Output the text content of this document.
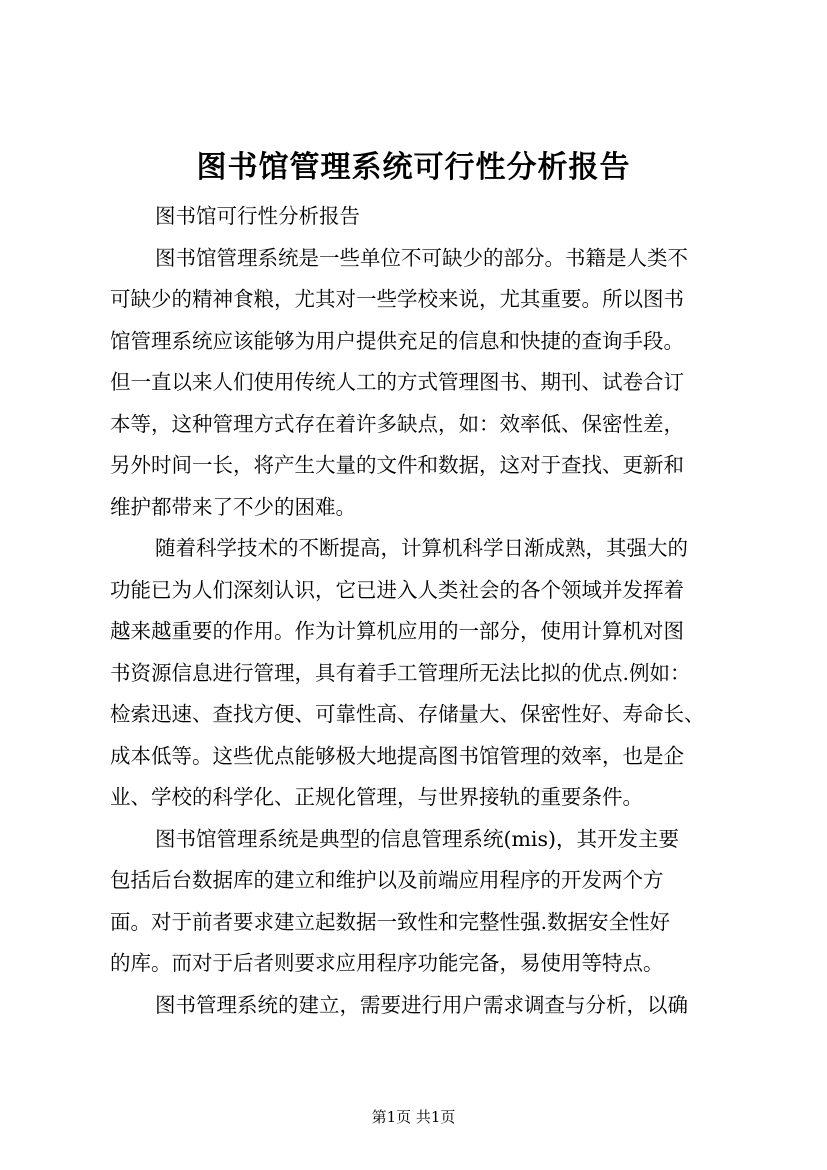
图书馆管理系统可行性分析报告
图书馆可行性分析报告
图书馆管理系统是一些单位不可缺少的部分。书籍是人类不
可缺少的精神食粮，尤其对一些学校来说，尤其重要。所以图书
馆管理系统应该能够为用户提供充足的信息和快捷的查询手段。
但一直以来人们使用传统人工的方式管理图书、期刊、试卷合订
本等，这种管理方式存在着许多缺点，如：效率低、保密性差，
另外时间一长，将产生大量的文件和数据，这对于查找、更新和
维护都带来了不少的困难。
随着科学技术的不断提高，计算机科学日渐成熟，其强大的
功能已为人们深刻认识，它已进入人类社会的各个领域并发挥着
越来越重要的作用。作为计算机应用的一部分，使用计算机对图
书资源信息进行管理，具有着手工管理所无法比拟的优点.例如：
检索迅速、查找方便、可靠性高、存储量大、保密性好、寿命长、
成本低等。这些优点能够极大地提高图书馆管理的效率，也是企
业、学校的科学化、正规化管理，与世界接轨的重要条件。
图书馆管理系统是典型的信息管理系统(mis)，其开发主要
包括后台数据库的建立和维护以及前端应用程序的开发两个方
面。对于前者要求建立起数据一致性和完整性强.数据安全性好
的库。而对于后者则要求应用程序功能完备，易使用等特点。
图书管理系统的建立，需要进行用户需求调查与分析，以确
第1页 共1页
